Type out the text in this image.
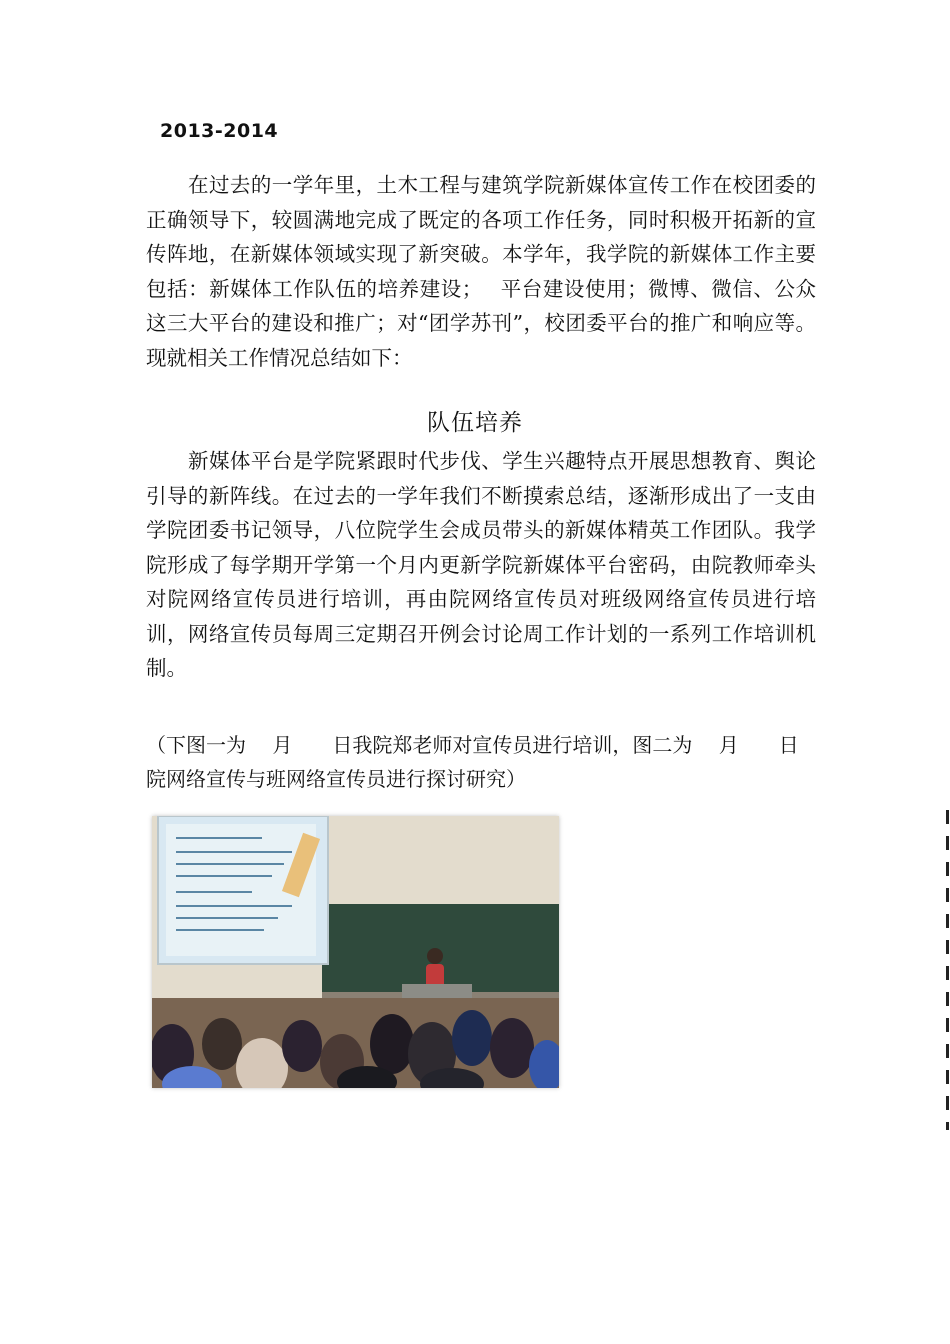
2013-2014

在过去的一学年里，土木工程与建筑学院新媒体宣传工作在校团委的正确领导下，较圆满地完成了既定的各项工作任务，同时积极开拓新的宣传阵地，在新媒体领域实现了新突破。本学年，我学院的新媒体工作主要包括：新媒体工作队伍的培养建设；　 平台建设使用；微博、微信、公众　 这三大平台的建设和推广；对“团学苏刊”，校团委平台的推广和响应等。现就相关工作情况总结如下：

队伍培养

新媒体平台是学院紧跟时代步伐、学生兴趣特点开展思想教育、舆论引导的新阵线。在过去的一学年我们不断摸索总结，逐渐形成出了一支由学院团委书记领导，八位院学生会成员带头的新媒体精英工作团队。我学院形成了每学期开学第一个月内更新学院新媒体平台密码，由院教师牵头对院网络宣传员进行培训，再由院网络宣传员对班级网络宣传员进行培训，网络宣传员每周三定期召开例会讨论周工作计划的一系列工作培训机制。

（下图一为　 月　　日我院郑老师对宣传员进行培训，图二为　 月　　日院网络宣传与班网络宣传员进行探讨研究）
